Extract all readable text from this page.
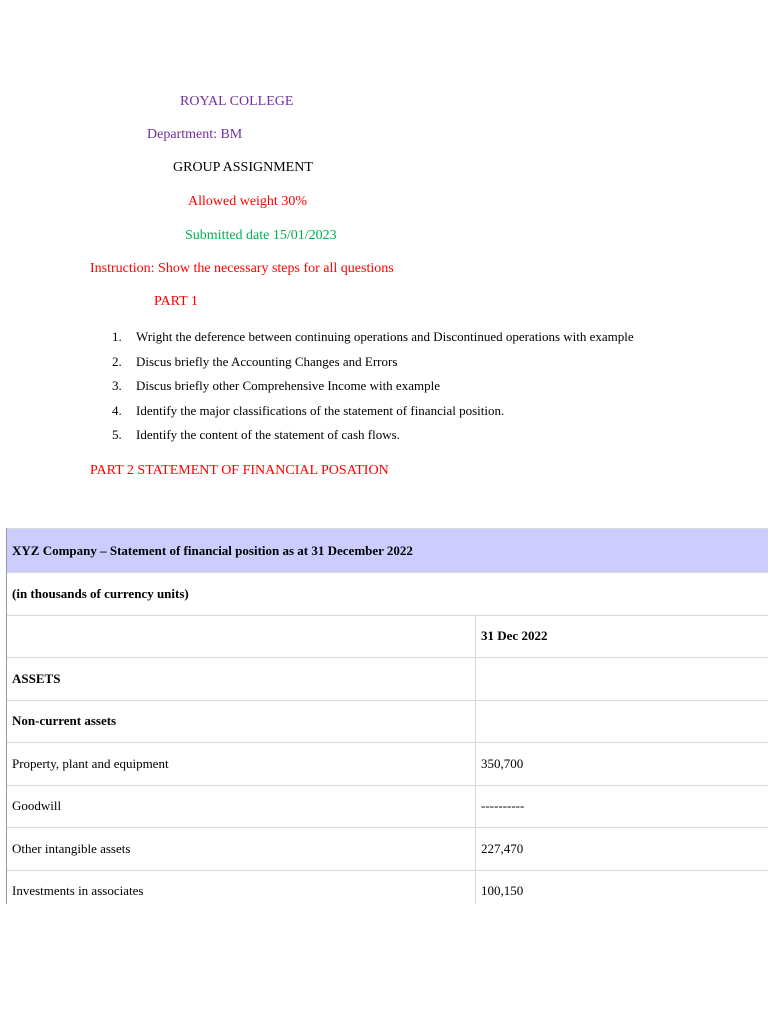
ROYAL COLLEGE
Department: BM
GROUP ASSIGNMENT
Allowed weight 30%
Submitted date 15/01/2023
Instruction: Show the necessary steps for all questions
PART 1
1. Wright the deference between continuing operations and Discontinued operations with example
2. Discus briefly the Accounting Changes and Errors
3. Discus briefly other Comprehensive Income with example
4. Identify the major classifications of the statement of financial position.
5. Identify the content of the statement of cash flows.
PART 2 STATEMENT OF FINANCIAL POSATION
XYZ Company – Statement of financial position as at 31 December 2022	
(in thousands of currency units)	
	31 Dec 2022
ASSETS	
Non-current assets	
Property, plant and equipment	350,700
Goodwill	----------
Other intangible assets	227,470
Investments in associates	100,150
